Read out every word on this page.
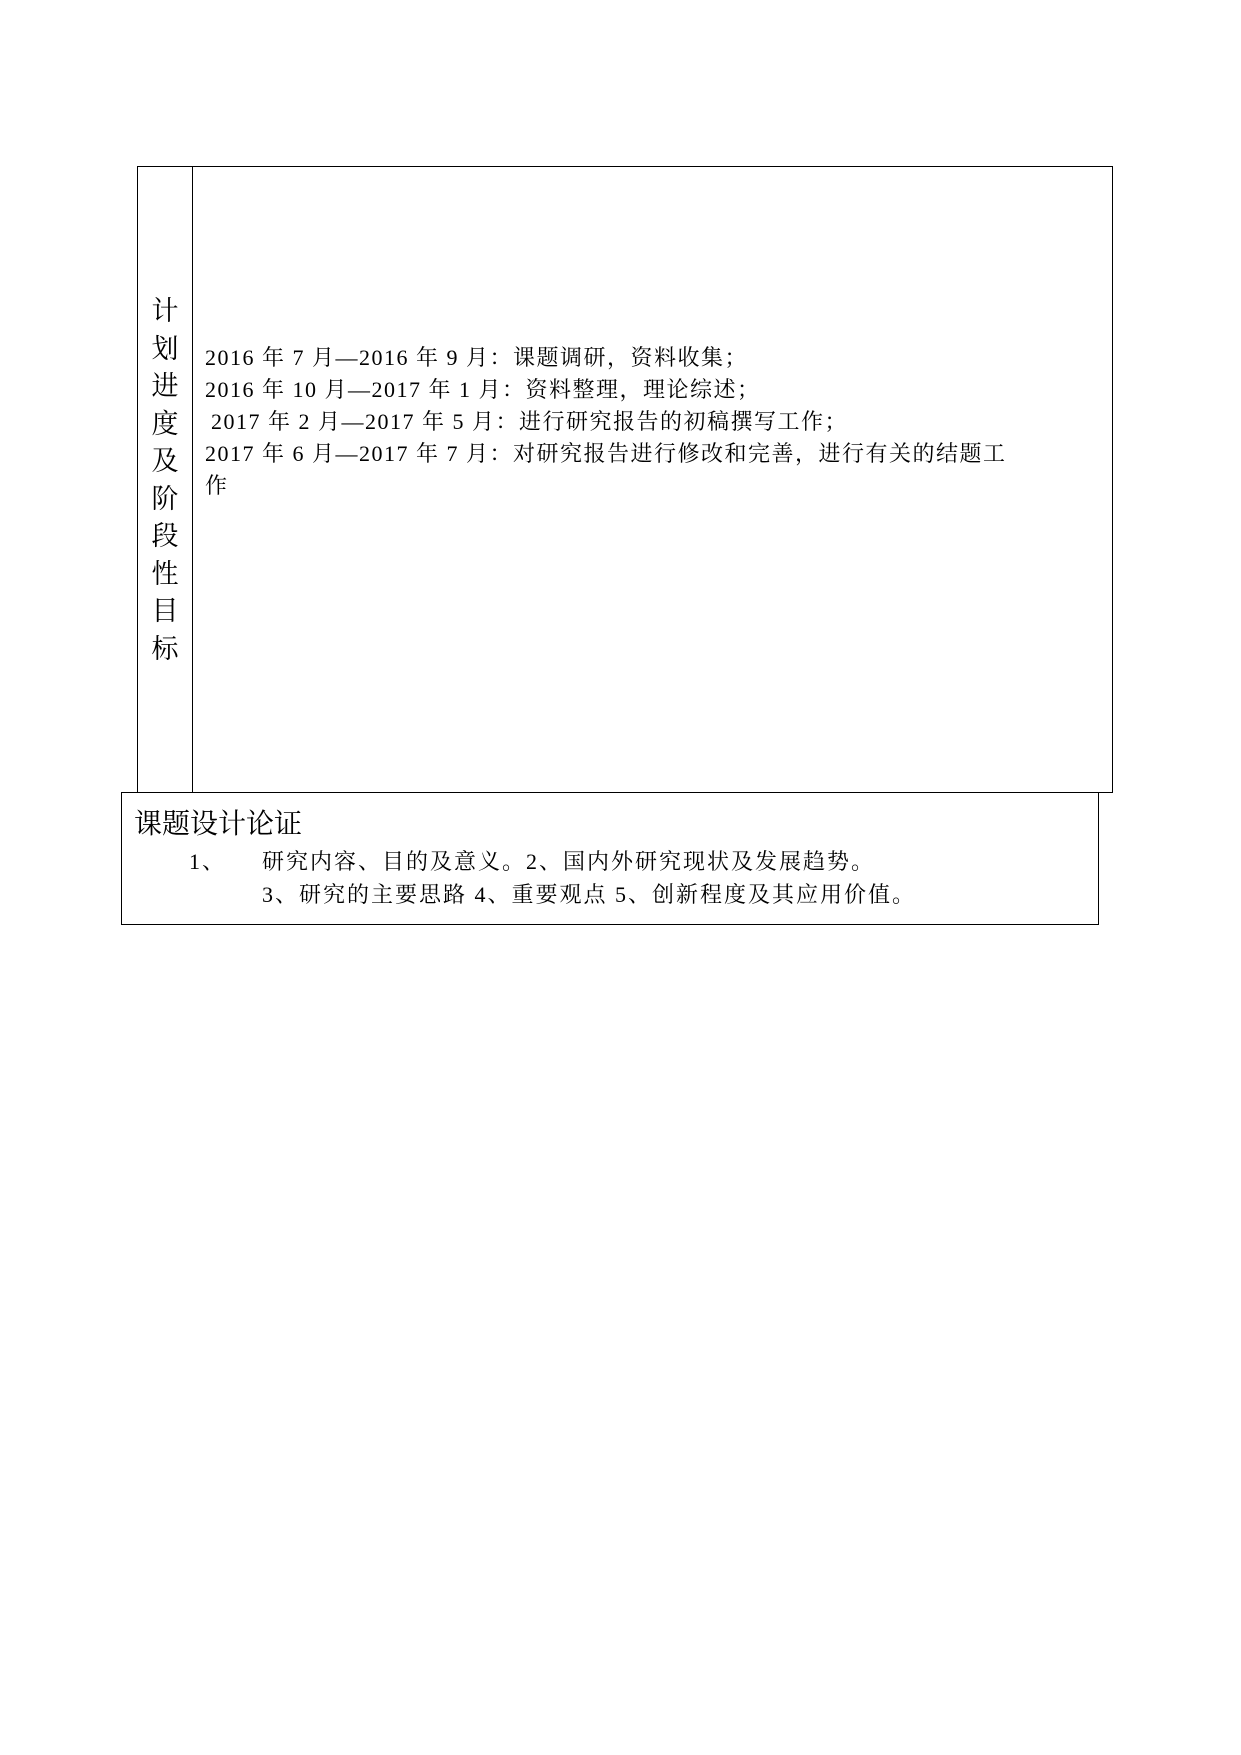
计
划
进
度
及
阶
段
性
目
标
2016 年 7 月—2016 年 9 月：课题调研，资料收集；
2016 年 10 月—2017 年 1 月：资料整理，理论综述；
2017 年 2 月—2017 年 5 月：进行研究报告的初稿撰写工作；
2017 年 6 月—2017 年 7 月：对研究报告进行修改和完善，进行有关的结题工
作
课题设计论证
1、 研究内容、目的及意义。2、国内外研究现状及发展趋势。
3、研究的主要思路 4、重要观点 5、创新程度及其应用价值。
